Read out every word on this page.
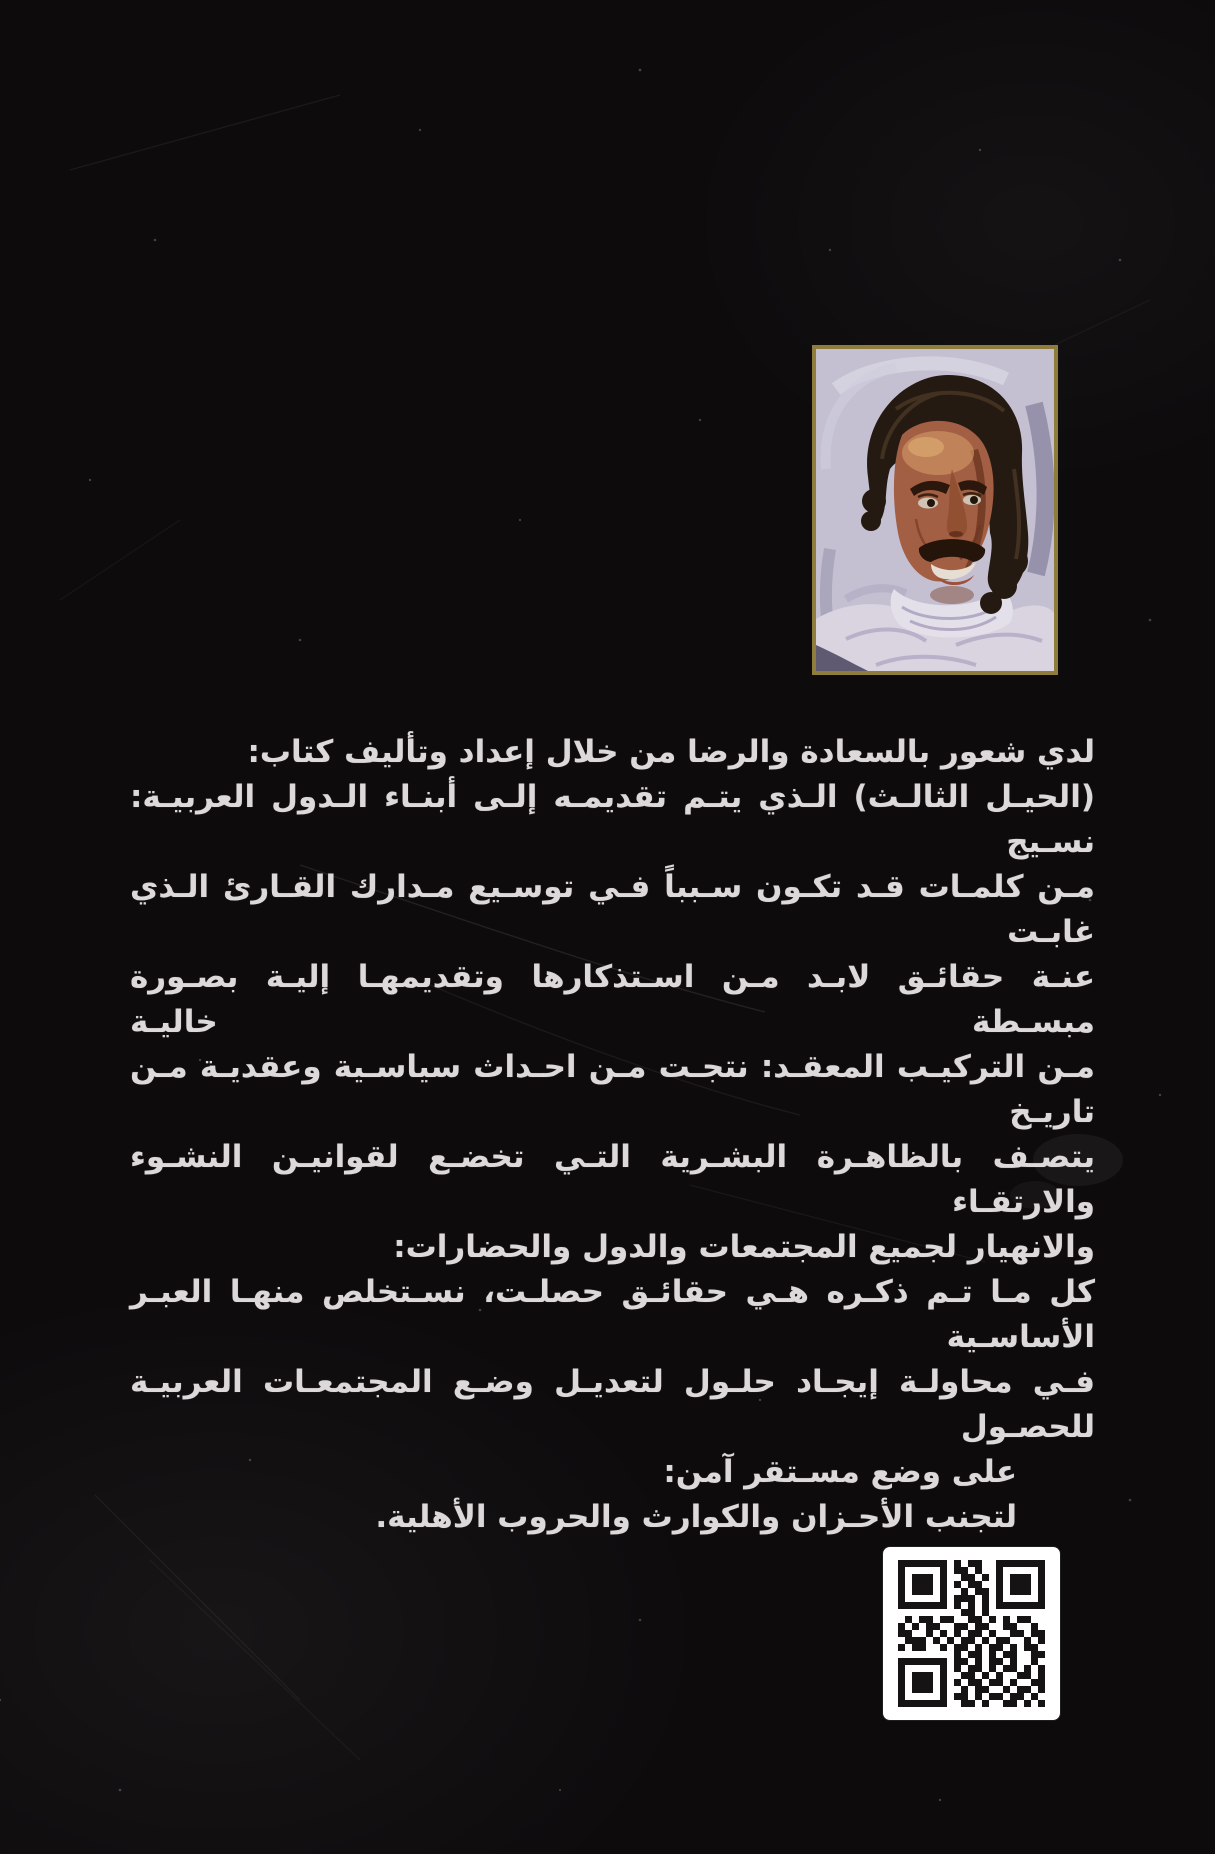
لدي شعور بالسعادة والرضا من خلال إعداد وتأليف كتاب:
(الحيـل الثالـث) الـذي يتـم تقديمـه إلـى أبنـاء الـدول العربيـة: نسـيج
مـن كلمـات قـد تكـون سـبباً فـي توسـيع مـدارك القـارئ الـذي غابـت
عنـة حقائـق لابـد مـن اسـتذكارها وتقديمهـا إليـة بصـورة مبسـطة خاليـة
مـن التركيـب المعقـد: نتجـت مـن احـداث سياسـية وعقديـة مـن تاريـخ
يتصـف بالظاهـرة البشـرية التـي تخضـع لقوانيـن النشـوء والارتقـاء
والانهيار لجميع المجتمعات والدول والحضارات:
كل مـا تـم ذكـره هـي حقائـق حصلـت، نسـتخلص منهـا العبـر الأساسـية
فـي محاولـة إيجـاد حلـول لتعديـل وضـع المجتمعـات العربيـة للحصـول
على وضع مسـتقر آمن:
لتجنب الأحـزان والكوارث والحروب الأهلية.
